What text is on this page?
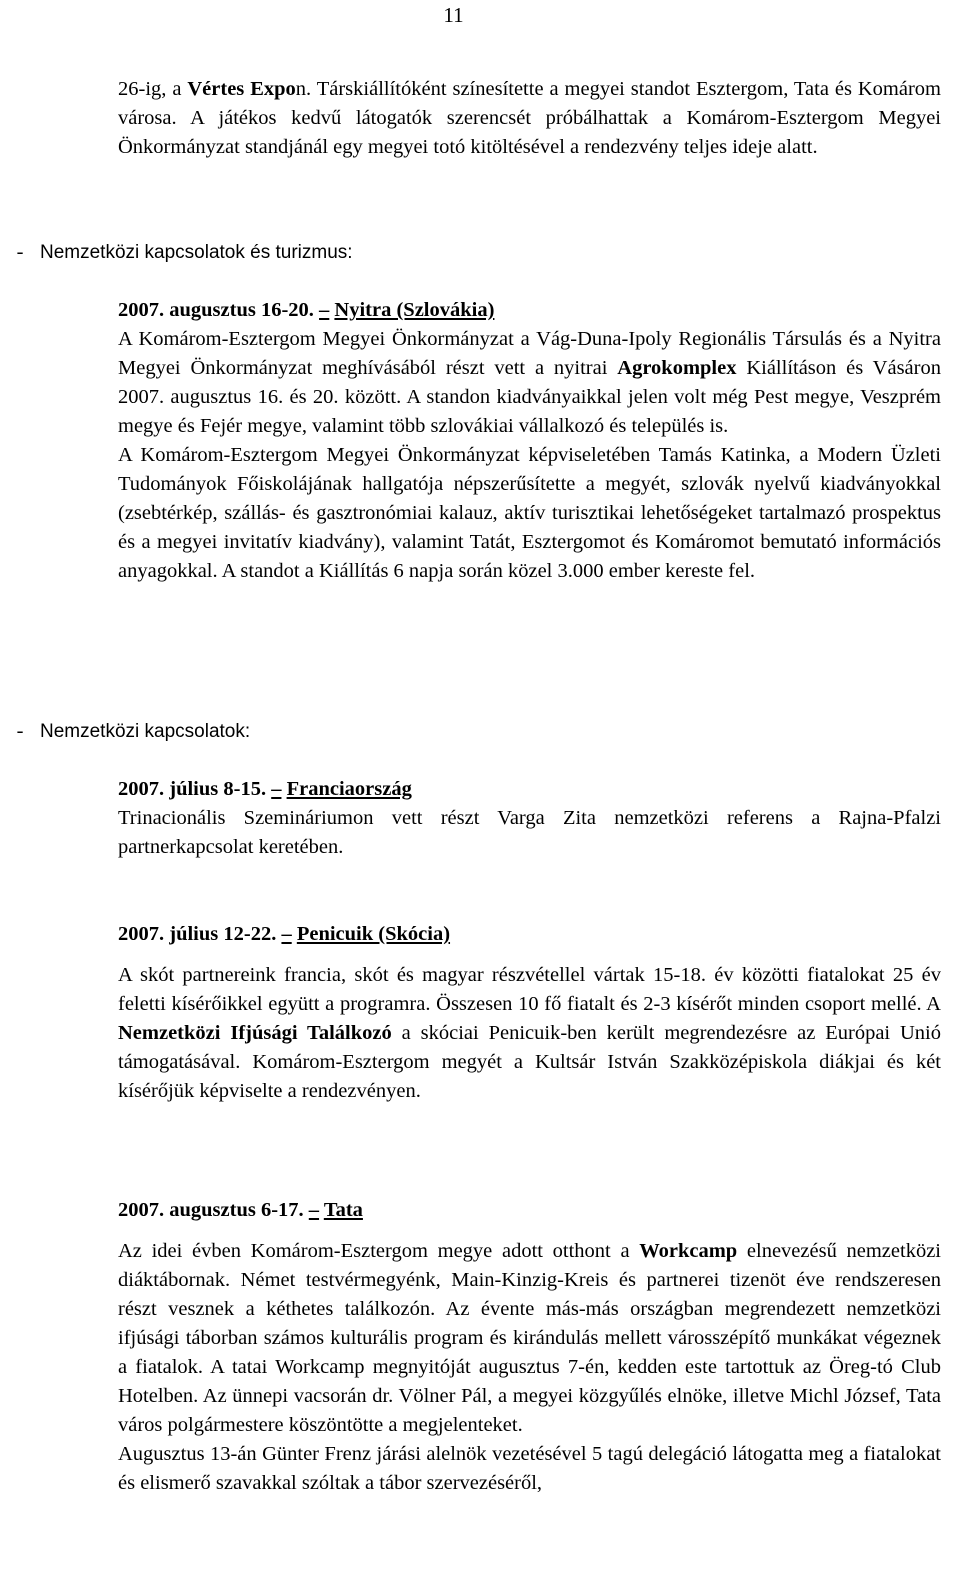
11

26-ig, a Vértes Expon. Társkiállítóként színesítette a megyei standot Esztergom, Tata és Komárom városa. A játékos kedvű látogatók szerencsét próbálhattak a Komárom-Esztergom Megyei Önkormányzat standjánál egy megyei totó kitöltésével a rendezvény teljes ideje alatt.

- Nemzetközi kapcsolatok és turizmus:

2007. augusztus 16-20. – Nyitra (Szlovákia)

A Komárom-Esztergom Megyei Önkormányzat a Vág-Duna-Ipoly Regionális Társulás és a Nyitra Megyei Önkormányzat meghívásából részt vett a nyitrai Agrokomplex Kiállításon és Vásáron 2007. augusztus 16. és 20. között. A standon kiadványaikkal jelen volt még Pest megye, Veszprém megye és Fejér megye, valamint több szlovákiai vállalkozó és település is.

A Komárom-Esztergom Megyei Önkormányzat képviseletében Tamás Katinka, a Modern Üzleti Tudományok Főiskolájának hallgatója népszerűsítette a megyét, szlovák nyelvű kiadványokkal (zsebtérkép, szállás- és gasztronómiai kalauz, aktív turisztikai lehetőségeket tartalmazó prospektus és a megyei invitatív kiadvány), valamint Tatát, Esztergomot és Komáromot bemutató információs anyagokkal. A standot a Kiállítás 6 napja során közel 3.000 ember kereste fel.

- Nemzetközi kapcsolatok:

2007. július 8-15. – Franciaország

Trinacionális Szemináriumon vett részt Varga Zita nemzetközi referens a Rajna-Pfalzi partnerkapcsolat keretében.

2007. július 12-22. – Penicuik (Skócia)

A skót partnereink francia, skót és magyar részvétellel vártak 15-18. év közötti fiatalokat 25 év feletti kísérőikkel együtt a programra. Összesen 10 fő fiatalt és 2-3 kísérőt minden csoport mellé. A Nemzetközi Ifjúsági Találkozó a skóciai Penicuik-ben került megrendezésre az Európai Unió támogatásával. Komárom-Esztergom megyét a Kultsár István Szakközépiskola diákjai és két kísérőjük képviselte a rendezvényen.

2007. augusztus 6-17. – Tata

Az idei évben Komárom-Esztergom megye adott otthont a Workcamp elnevezésű nemzetközi diáktábornak. Német testvérmegyénk, Main-Kinzig-Kreis és partnerei tizenöt éve rendszeresen részt vesznek a kéthetes találkozón. Az évente más-más országban megrendezett nemzetközi ifjúsági táborban számos kulturális program és kirándulás mellett városszépítő munkákat végeznek a fiatalok. A tatai Workcamp megnyitóját augusztus 7-én, kedden este tartottuk az Öreg-tó Club Hotelben. Az ünnepi vacsorán dr. Völner Pál, a megyei közgyűlés elnöke, illetve Michl József, Tata város polgármestere köszöntötte a megjelenteket.

Augusztus 13-án Günter Frenz járási alelnök vezetésével 5 tagú delegáció látogatta meg a fiatalokat és elismerő szavakkal szóltak a tábor szervezéséről,
